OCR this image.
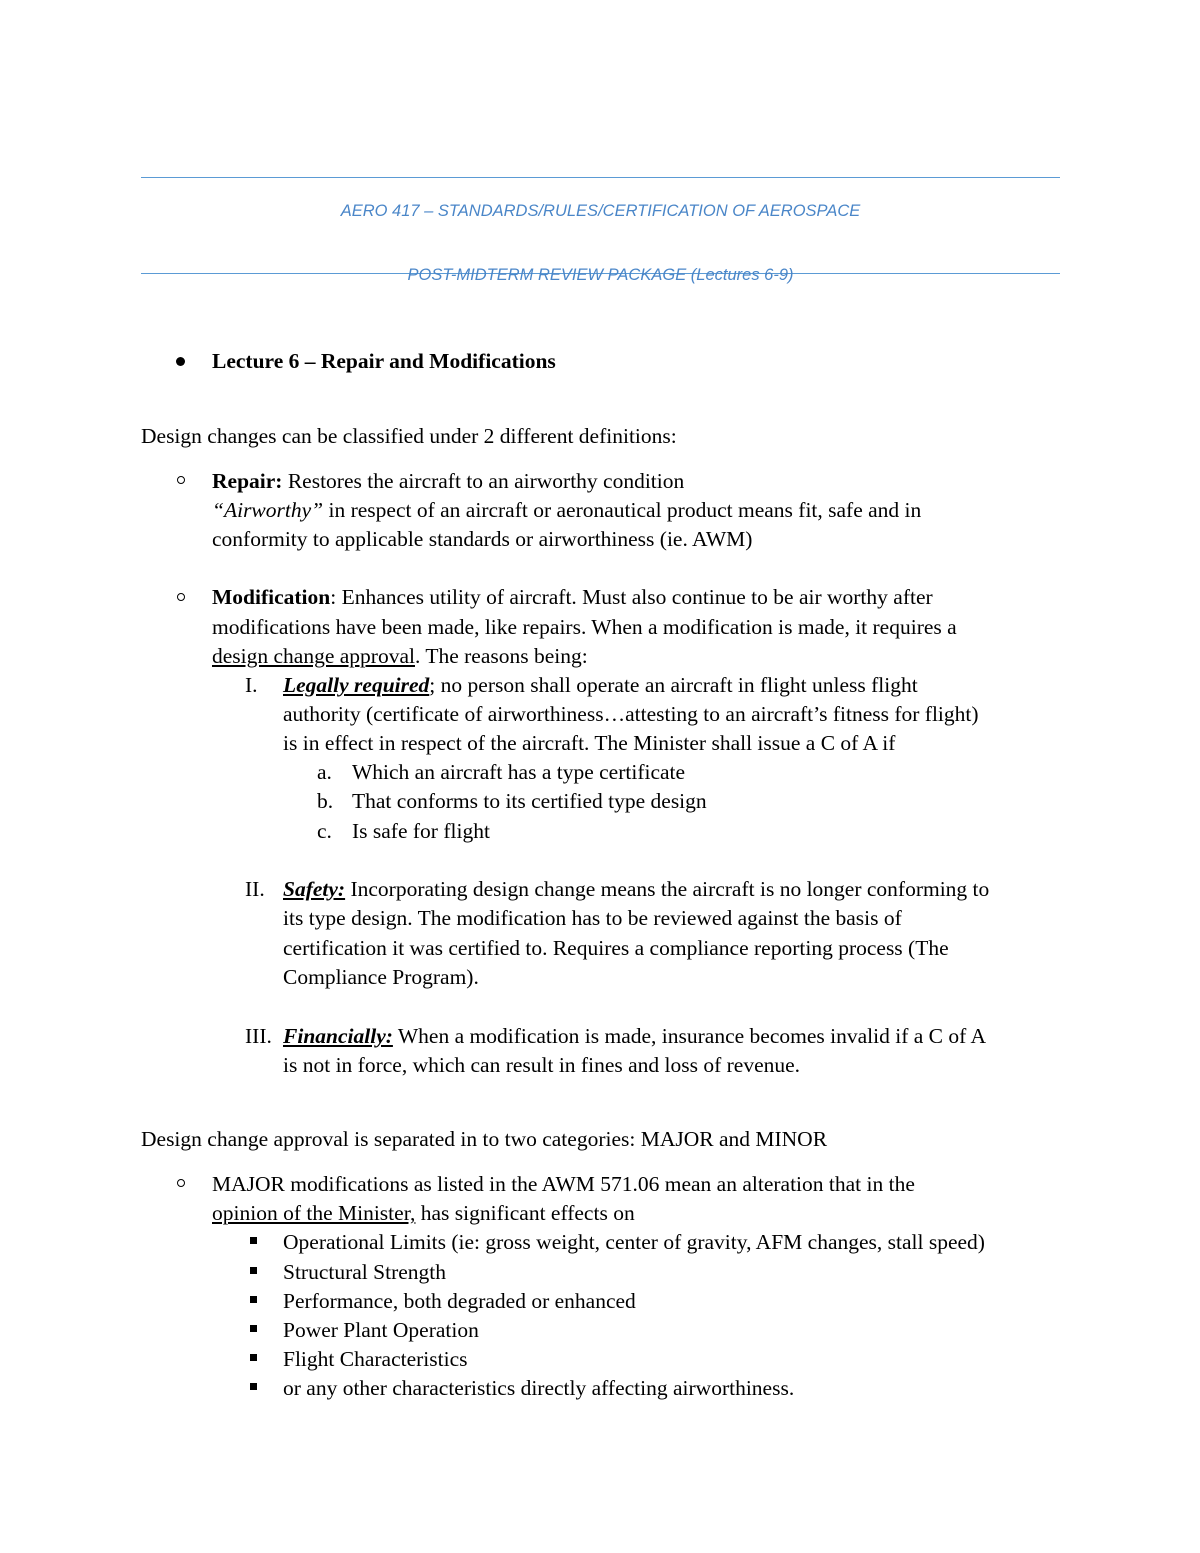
AERO 417 – STANDARDS/RULES/CERTIFICATION OF AEROSPACE
POST-MIDTERM REVIEW PACKAGE (Lectures 6-9)
Lecture 6 – Repair and Modifications
Design changes can be classified under 2 different definitions:
Repair: Restores the aircraft to an airworthy condition
“Airworthy” in respect of an aircraft or aeronautical product means fit, safe and in
conformity to applicable standards or airworthiness (ie. AWM)
Modification: Enhances utility of aircraft. Must also continue to be air worthy after
modifications have been made, like repairs. When a modification is made, it requires a
design change approval. The reasons being:
I. Legally required; no person shall operate an aircraft in flight unless flight
authority (certificate of airworthiness…attesting to an aircraft’s fitness for flight)
is in effect in respect of the aircraft. The Minister shall issue a C of A if
a. Which an aircraft has a type certificate
b. That conforms to its certified type design
c. Is safe for flight
II. Safety: Incorporating design change means the aircraft is no longer conforming to
its type design. The modification has to be reviewed against the basis of
certification it was certified to. Requires a compliance reporting process (The
Compliance Program).
III. Financially: When a modification is made, insurance becomes invalid if a C of A
is not in force, which can result in fines and loss of revenue.
Design change approval is separated in to two categories: MAJOR and MINOR
MAJOR modifications as listed in the AWM 571.06 mean an alteration that in the
opinion of the Minister, has significant effects on
Operational Limits (ie: gross weight, center of gravity, AFM changes, stall speed)
Structural Strength
Performance, both degraded or enhanced
Power Plant Operation
Flight Characteristics
or any other characteristics directly affecting airworthiness.
